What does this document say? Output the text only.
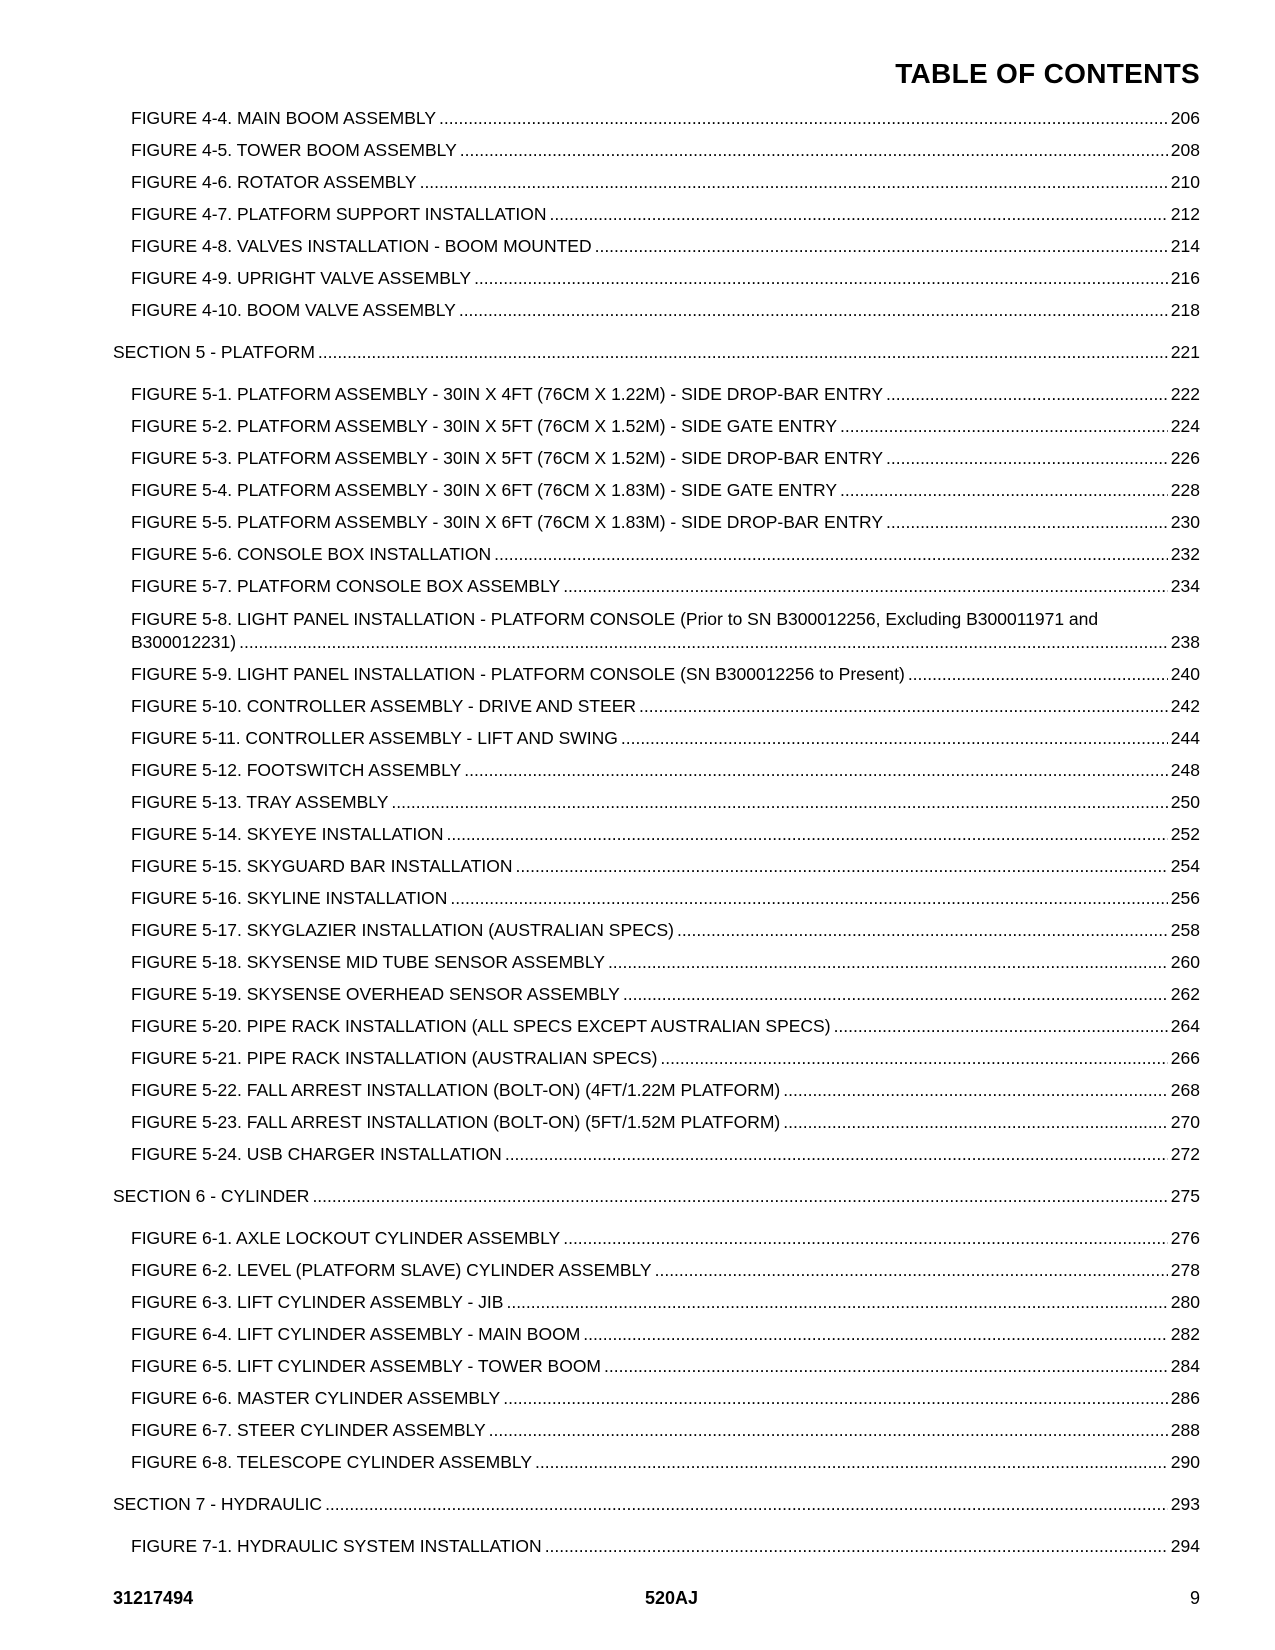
TABLE OF CONTENTS
FIGURE 4-4. MAIN BOOM ASSEMBLY .....	206
FIGURE 4-5. TOWER BOOM ASSEMBLY .....	208
FIGURE 4-6. ROTATOR ASSEMBLY .....	210
FIGURE 4-7. PLATFORM SUPPORT INSTALLATION .....	212
FIGURE 4-8. VALVES INSTALLATION - BOOM MOUNTED .....	214
FIGURE 4-9. UPRIGHT VALVE ASSEMBLY .....	216
FIGURE 4-10. BOOM VALVE ASSEMBLY .....	218
SECTION 5 - PLATFORM .....	221
FIGURE 5-1. PLATFORM ASSEMBLY - 30IN X 4FT (76CM X 1.22M) - SIDE DROP-BAR ENTRY .....	222
FIGURE 5-2. PLATFORM ASSEMBLY - 30IN X 5FT (76CM X 1.52M) - SIDE GATE ENTRY .....	224
FIGURE 5-3. PLATFORM ASSEMBLY - 30IN X 5FT (76CM X 1.52M) - SIDE DROP-BAR ENTRY .....	226
FIGURE 5-4. PLATFORM ASSEMBLY - 30IN X 6FT (76CM X 1.83M) - SIDE GATE ENTRY .....	228
FIGURE 5-5. PLATFORM ASSEMBLY - 30IN X 6FT (76CM X 1.83M) - SIDE DROP-BAR ENTRY .....	230
FIGURE 5-6. CONSOLE BOX INSTALLATION .....	232
FIGURE 5-7. PLATFORM CONSOLE BOX ASSEMBLY .....	234
FIGURE 5-8. LIGHT PANEL INSTALLATION - PLATFORM CONSOLE (Prior to SN B300012256, Excluding B300011971 and
B300012231) .....	238
FIGURE 5-9. LIGHT PANEL INSTALLATION - PLATFORM CONSOLE (SN B300012256 to Present) .....	240
FIGURE 5-10. CONTROLLER ASSEMBLY - DRIVE AND STEER .....	242
FIGURE 5-11. CONTROLLER ASSEMBLY - LIFT AND SWING .....	244
FIGURE 5-12. FOOTSWITCH ASSEMBLY .....	248
FIGURE 5-13. TRAY ASSEMBLY .....	250
FIGURE 5-14. SKYEYE INSTALLATION .....	252
FIGURE 5-15. SKYGUARD BAR INSTALLATION .....	254
FIGURE 5-16. SKYLINE INSTALLATION .....	256
FIGURE 5-17. SKYGLAZIER INSTALLATION (AUSTRALIAN SPECS) .....	258
FIGURE 5-18. SKYSENSE MID TUBE SENSOR ASSEMBLY .....	260
FIGURE 5-19. SKYSENSE OVERHEAD SENSOR ASSEMBLY .....	262
FIGURE 5-20. PIPE RACK INSTALLATION (ALL SPECS EXCEPT AUSTRALIAN SPECS) .....	264
FIGURE 5-21. PIPE RACK INSTALLATION (AUSTRALIAN SPECS) .....	266
FIGURE 5-22. FALL ARREST INSTALLATION (BOLT-ON) (4FT/1.22M PLATFORM) .....	268
FIGURE 5-23. FALL ARREST INSTALLATION (BOLT-ON) (5FT/1.52M PLATFORM) .....	270
FIGURE 5-24. USB CHARGER INSTALLATION .....	272
SECTION 6 - CYLINDER .....	275
FIGURE 6-1. AXLE LOCKOUT CYLINDER ASSEMBLY .....	276
FIGURE 6-2. LEVEL (PLATFORM SLAVE) CYLINDER ASSEMBLY .....	278
FIGURE 6-3. LIFT CYLINDER ASSEMBLY - JIB .....	280
FIGURE 6-4. LIFT CYLINDER ASSEMBLY - MAIN BOOM .....	282
FIGURE 6-5. LIFT CYLINDER ASSEMBLY - TOWER BOOM .....	284
FIGURE 6-6. MASTER CYLINDER ASSEMBLY .....	286
FIGURE 6-7. STEER CYLINDER ASSEMBLY .....	288
FIGURE 6-8. TELESCOPE CYLINDER ASSEMBLY .....	290
SECTION 7 - HYDRAULIC .....	293
FIGURE 7-1. HYDRAULIC SYSTEM INSTALLATION .....	294
31217494	520AJ	9
